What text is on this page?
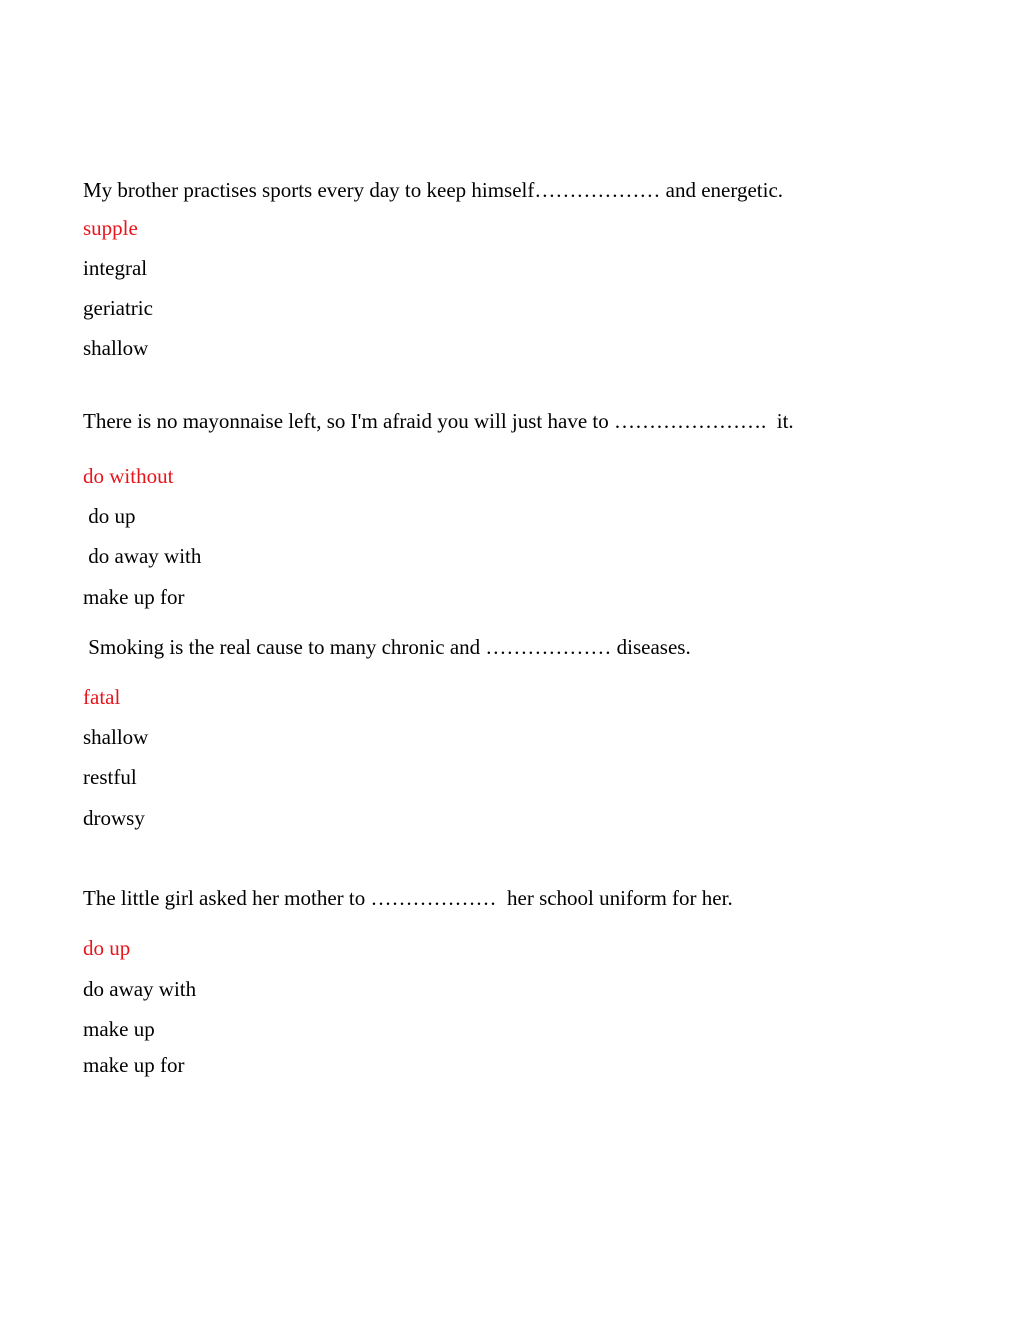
My brother practises sports every day to keep himself……………… and energetic.
supple
integral
geriatric
shallow
There is no mayonnaise left, so I'm afraid you will just have to ………………….  it.
do without
do up
do away with
make up for
Smoking is the real cause to many chronic and ……………… diseases.
fatal
shallow
restful
drowsy
The little girl asked her mother to ………………  her school uniform for her.
do up
do away with
make up
make up for
